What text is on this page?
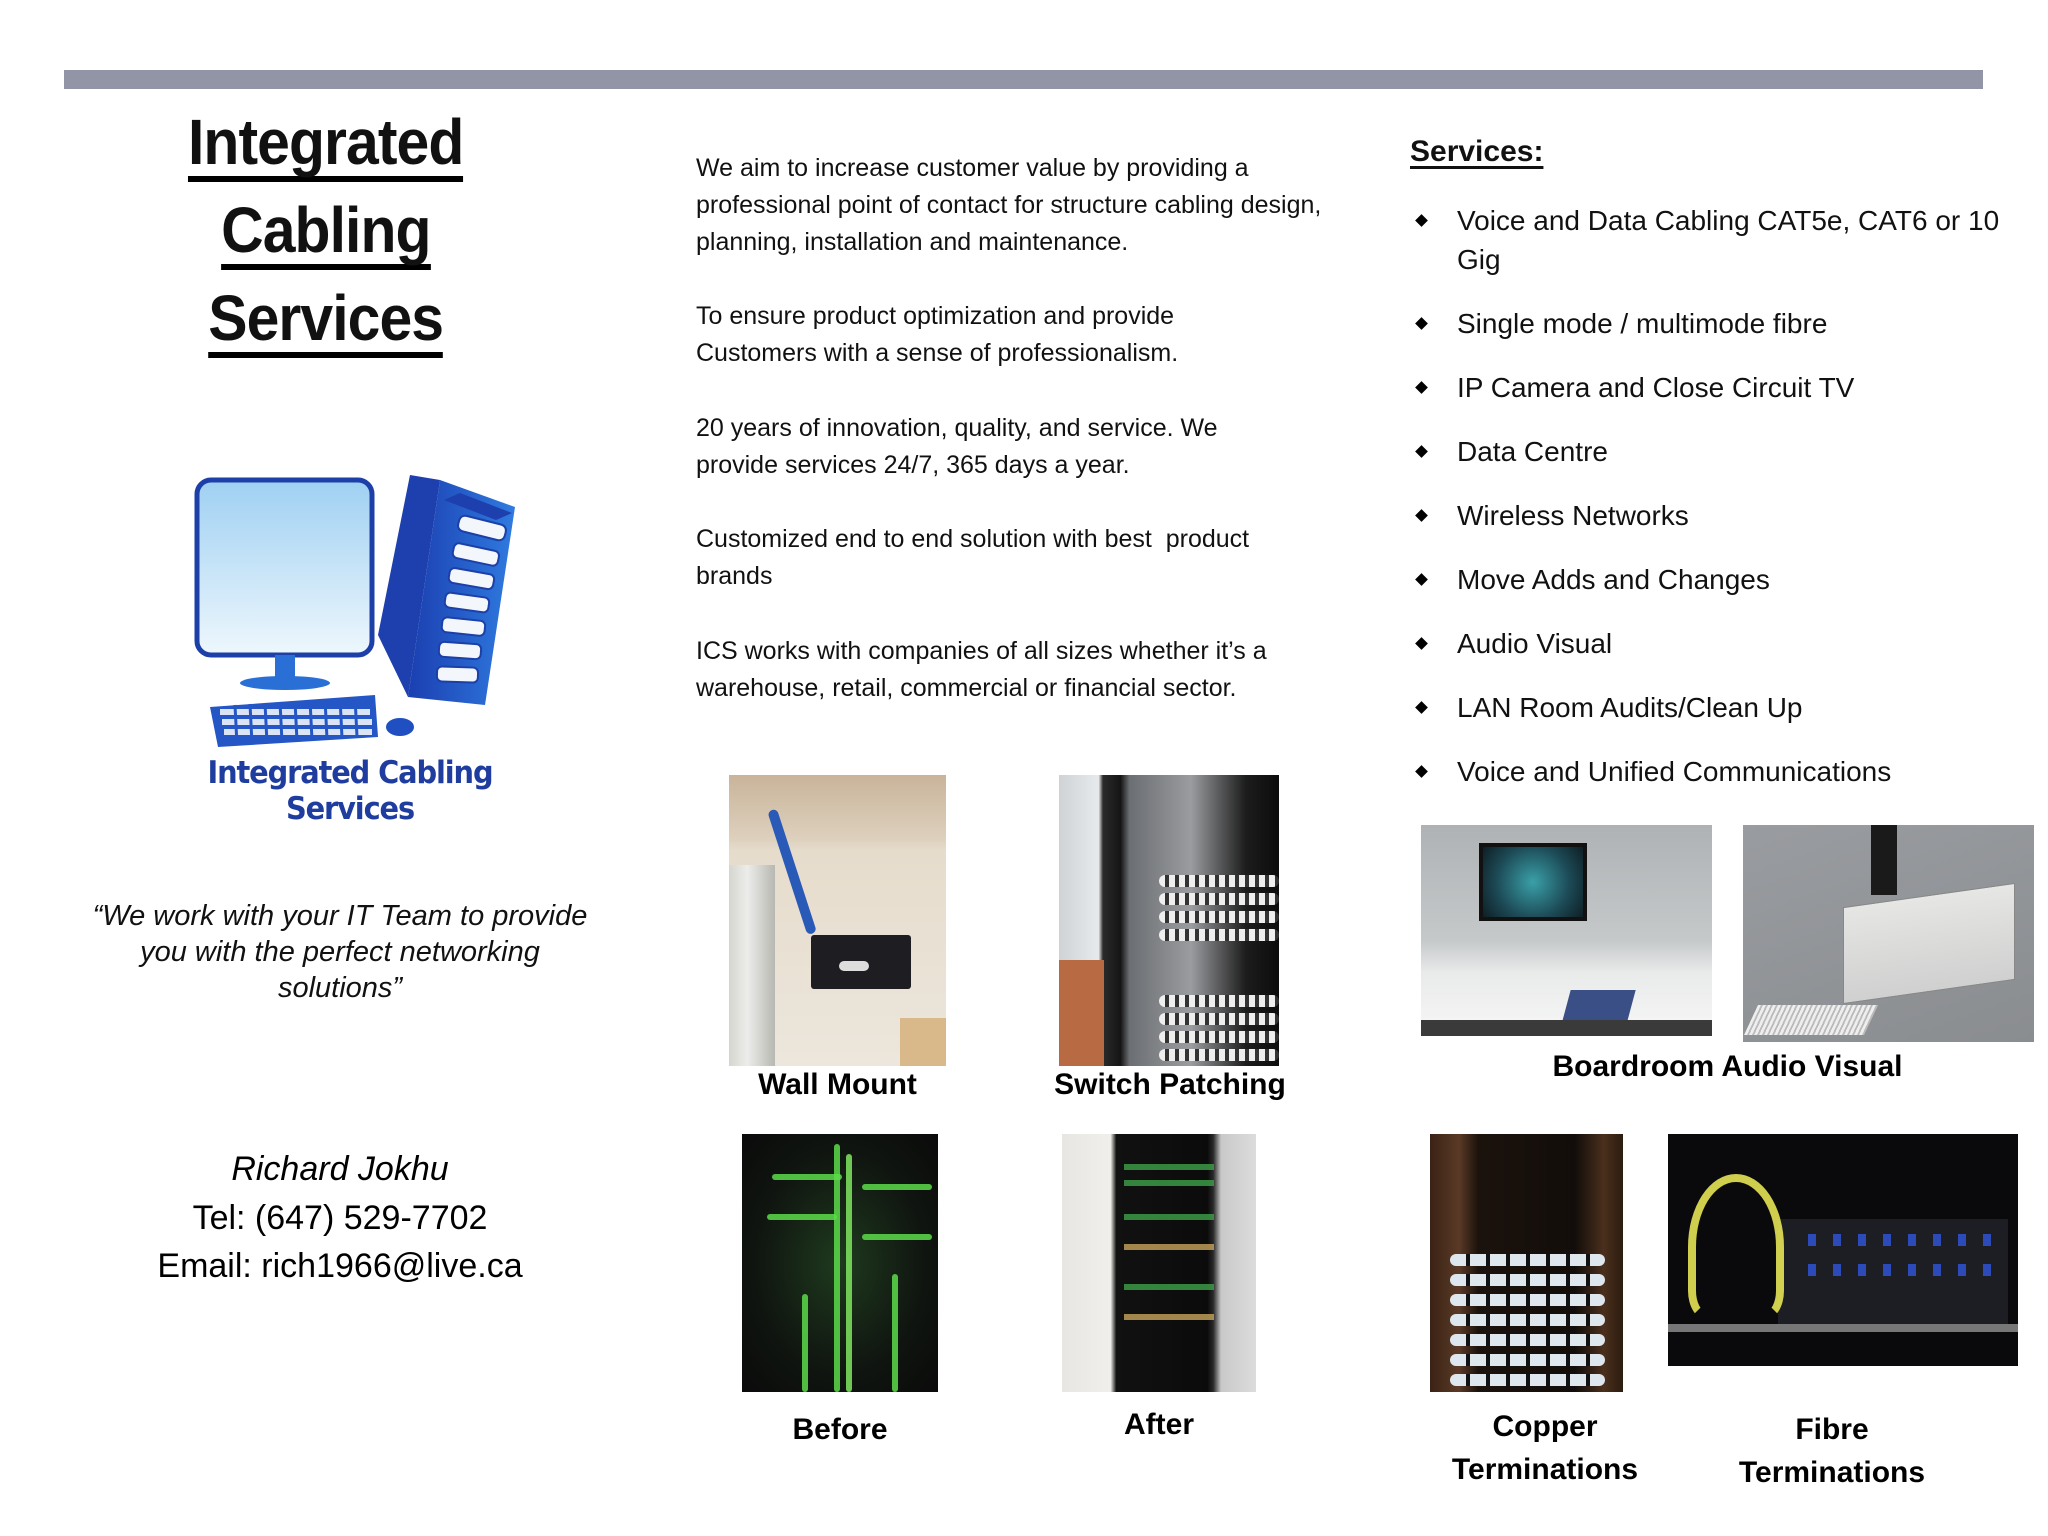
Integrated
Cabling
Services
Integrated Cabling Services
“We work with your IT Team to provide
you with the perfect networking
solutions”
Richard Jokhu
Tel: (647) 529-7702
Email: rich1966@live.ca
We aim to increase customer value by providing a professional point of contact for structure cabling design, planning, installation and maintenance.
To ensure product optimization and provide Customers with a sense of professionalism.
20 years of innovation, quality, and service. We provide services 24/7, 365 days a year.
Customized end to end solution with best  product brands
ICS works with companies of all sizes whether it’s a warehouse, retail, commercial or financial sector.
Wall Mount	Switch Patching
Before	After
Services:
Voice and Data Cabling CAT5e, CAT6 or 10 Gig
Single mode / multimode fibre
IP Camera and Close Circuit TV
Data Centre
Wireless Networks
Move Adds and Changes
Audio Visual
LAN Room Audits/Clean Up
Voice and Unified Communications
Boardroom Audio Visual
Copper
Terminations
Fibre
Terminations
